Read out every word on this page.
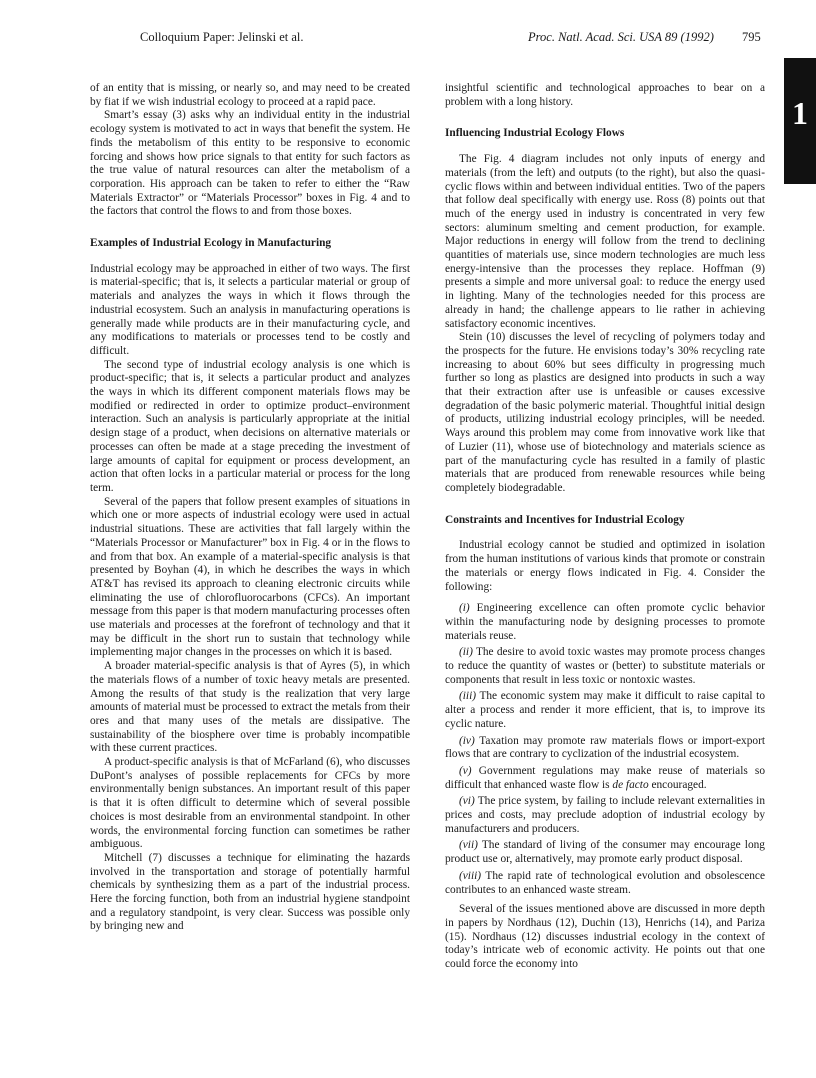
Colloquium Paper: Jelinski et al.	Proc. Natl. Acad. Sci. USA 89 (1992) 795
1

of an entity that is missing, or nearly so, and may need to be created by fiat if we wish industrial ecology to proceed at a rapid pace.

Smart’s essay (3) asks why an individual entity in the industrial ecology system is motivated to act in ways that benefit the system. He finds the metabolism of this entity to be responsive to economic forcing and shows how price signals to that entity for such factors as the true value of natural resources can alter the metabolism of a corporation. His approach can be taken to refer to either the “Raw Materials Extractor” or “Materials Processor” boxes in Fig. 4 and to the factors that control the flows to and from those boxes.

Examples of Industrial Ecology in Manufacturing

Industrial ecology may be approached in either of two ways. The first is material-specific; that is, it selects a particular material or group of materials and analyzes the ways in which it flows through the industrial ecosystem. Such an analysis in manufacturing operations is generally made while products are in their manufacturing cycle, and any modifications to materials or processes tend to be costly and difficult.

The second type of industrial ecology analysis is one which is product-specific; that is, it selects a particular product and analyzes the ways in which its different component materials flows may be modified or redirected in order to optimize product–environment interaction. Such an analysis is particularly appropriate at the initial design stage of a product, when decisions on alternative materials or processes can often be made at a stage preceding the investment of large amounts of capital for equipment or process development, an action that often locks in a particular material or process for the long term.

Several of the papers that follow present examples of situations in which one or more aspects of industrial ecology were used in actual industrial situations. These are activities that fall largely within the “Materials Processor or Manufacturer” box in Fig. 4 or in the flows to and from that box. An example of a material-specific analysis is that presented by Boyhan (4), in which he describes the ways in which AT&T has revised its approach to cleaning electronic circuits while eliminating the use of chlorofluorocarbons (CFCs). An important message from this paper is that modern manufacturing processes often use materials and processes at the forefront of technology and that it may be difficult in the short run to sustain that technology while implementing major changes in the processes on which it is based.

A broader material-specific analysis is that of Ayres (5), in which the materials flows of a number of toxic heavy metals are presented. Among the results of that study is the realization that very large amounts of material must be processed to extract the metals from their ores and that many uses of the metals are dissipative. The sustainability of the biosphere over time is probably incompatible with these current practices.

A product-specific analysis is that of McFarland (6), who discusses DuPont’s analyses of possible replacements for CFCs by more environmentally benign substances. An important result of this paper is that it is often difficult to determine which of several possible choices is most desirable from an environmental standpoint. In other words, the environmental forcing function can sometimes be rather ambiguous.

Mitchell (7) discusses a technique for eliminating the hazards involved in the transportation and storage of potentially harmful chemicals by synthesizing them as a part of the industrial process. Here the forcing function, both from an industrial hygiene standpoint and a regulatory standpoint, is very clear. Success was possible only by bringing new and

insightful scientific and technological approaches to bear on a problem with a long history.

Influencing Industrial Ecology Flows

The Fig. 4 diagram includes not only inputs of energy and materials (from the left) and outputs (to the right), but also the quasi-cyclic flows within and between individual entities. Two of the papers that follow deal specifically with energy use. Ross (8) points out that much of the energy used in industry is concentrated in very few sectors: aluminum smelting and cement production, for example. Major reductions in energy will follow from the trend to declining quantities of materials use, since modern technologies are much less energy-intensive than the processes they replace. Hoffman (9) presents a simple and more universal goal: to reduce the energy used in lighting. Many of the technologies needed for this process are already in hand; the challenge appears to lie rather in achieving satisfactory economic incentives.

Stein (10) discusses the level of recycling of polymers today and the prospects for the future. He envisions today’s 30% recycling rate increasing to about 60% but sees difficulty in progressing much further so long as plastics are designed into products in such a way that their extraction after use is unfeasible or causes excessive degradation of the basic polymeric material. Thoughtful initial design of products, utilizing industrial ecology principles, will be needed. Ways around this problem may come from innovative work like that of Luzier (11), whose use of biotechnology and materials science as part of the manufacturing cycle has resulted in a family of plastic materials that are produced from renewable resources while being completely biodegradable.

Constraints and Incentives for Industrial Ecology

Industrial ecology cannot be studied and optimized in isolation from the human institutions of various kinds that promote or constrain the materials or energy flows indicated in Fig. 4. Consider the following:

(i) Engineering excellence can often promote cyclic behavior within the manufacturing node by designing processes to promote materials reuse.
(ii) The desire to avoid toxic wastes may promote process changes to reduce the quantity of wastes or (better) to substitute materials or components that result in less toxic or nontoxic wastes.
(iii) The economic system may make it difficult to raise capital to alter a process and render it more efficient, that is, to improve its cyclic nature.
(iv) Taxation may promote raw materials flows or import-export flows that are contrary to cyclization of the industrial ecosystem.
(v) Government regulations may make reuse of materials so difficult that enhanced waste flow is de facto encouraged.
(vi) The price system, by failing to include relevant externalities in prices and costs, may preclude adoption of industrial ecology by manufacturers and producers.
(vii) The standard of living of the consumer may encourage long product use or, alternatively, may promote early product disposal.
(viii) The rapid rate of technological evolution and obsolescence contributes to an enhanced waste stream.

Several of the issues mentioned above are discussed in more depth in papers by Nordhaus (12), Duchin (13), Henrichs (14), and Pariza (15). Nordhaus (12) discusses industrial ecology in the context of today’s intricate web of economic activity. He points out that one could force the economy into
